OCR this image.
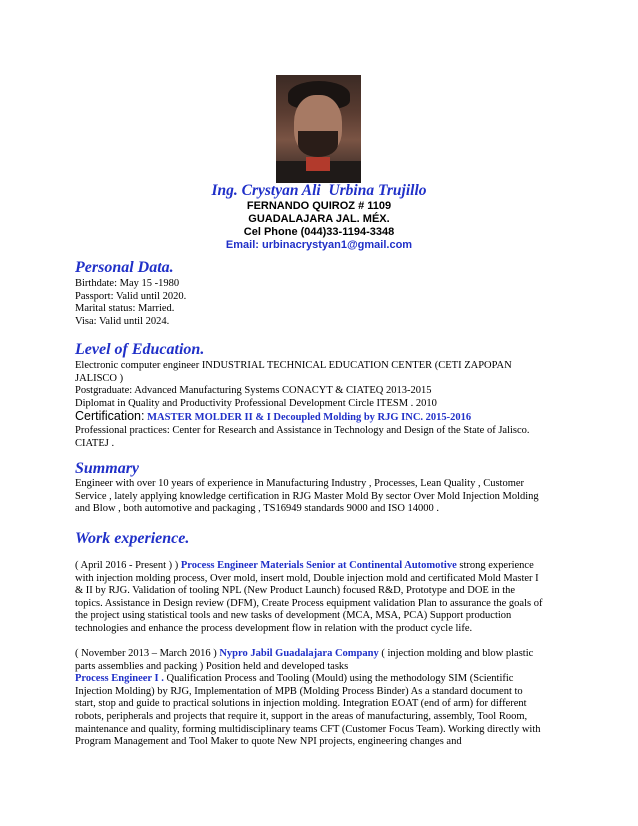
Ing. Crystyan Ali  Urbina Trujillo
FERNANDO QUIROZ # 1109
GUADALAJARA JAL. MÉX.
Cel Phone (044)33-1194-3348
Email: urbinacrystyan1@gmail.com
Personal Data.

Birthdate: May 15 -1980

Passport: Valid until 2020.

Marital status: Married.

Visa: Valid until 2024.

Level of Education.

Electronic computer engineer INDUSTRIAL TECHNICAL EDUCATION CENTER (CETI ZAPOPAN JALISCO )

Postgraduate: Advanced Manufacturing Systems CONACYT & CIATEQ 2013-2015

Diplomat in Quality and Productivity Professional Development Circle ITESM . 2010

Certification: MASTER MOLDER II & I Decoupled Molding by RJG INC. 2015-2016

Professional practices: Center for Research and Assistance in Technology and Design of the State of Jalisco. CIATEJ .

Summary

Engineer with over 10 years of experience in Manufacturing Industry , Processes, Lean Quality , Customer Service , lately applying knowledge certification in RJG Master Mold By sector Over Mold Injection Molding and Blow , both automotive and packaging , TS16949 standards 9000 and ISO 14000 .

Work experience.

( April 2016 - Present ) ) Process Engineer Materials Senior at Continental Automotive strong experience with injection molding process, Over mold, insert mold, Double injection mold and certificated Mold Master I & II by RJG. Validation of tooling NPL (New Product Launch) focused R&D, Prototype and DOE in the topics. Assistance in Design review (DFM), Create Process equipment validation Plan to assurance the goals of the project using statistical tools and new tasks of development (MCA, MSA, PCA) Support production technologies and enhance the process development flow in relation with the product cycle life.

( November 2013 – March 2016 ) Nypro Jabil Guadalajara Company ( injection molding and blow plastic parts assemblies and packing ) Position held and developed tasks

Process Engineer I . Qualification Process and Tooling (Mould) using the methodology SIM (Scientific Injection Molding) by RJG, Implementation of MPB (Molding Process Binder) As a standard document to start, stop and guide to practical solutions in injection molding. Integration EOAT (end of arm) for different robots, peripherals and projects that require it, support in the areas of manufacturing, assembly, Tool Room, maintenance and quality, forming multidisciplinary teams CFT (Customer Focus Team). Working directly with Program Management and Tool Maker to quote New NPI projects, engineering changes and
